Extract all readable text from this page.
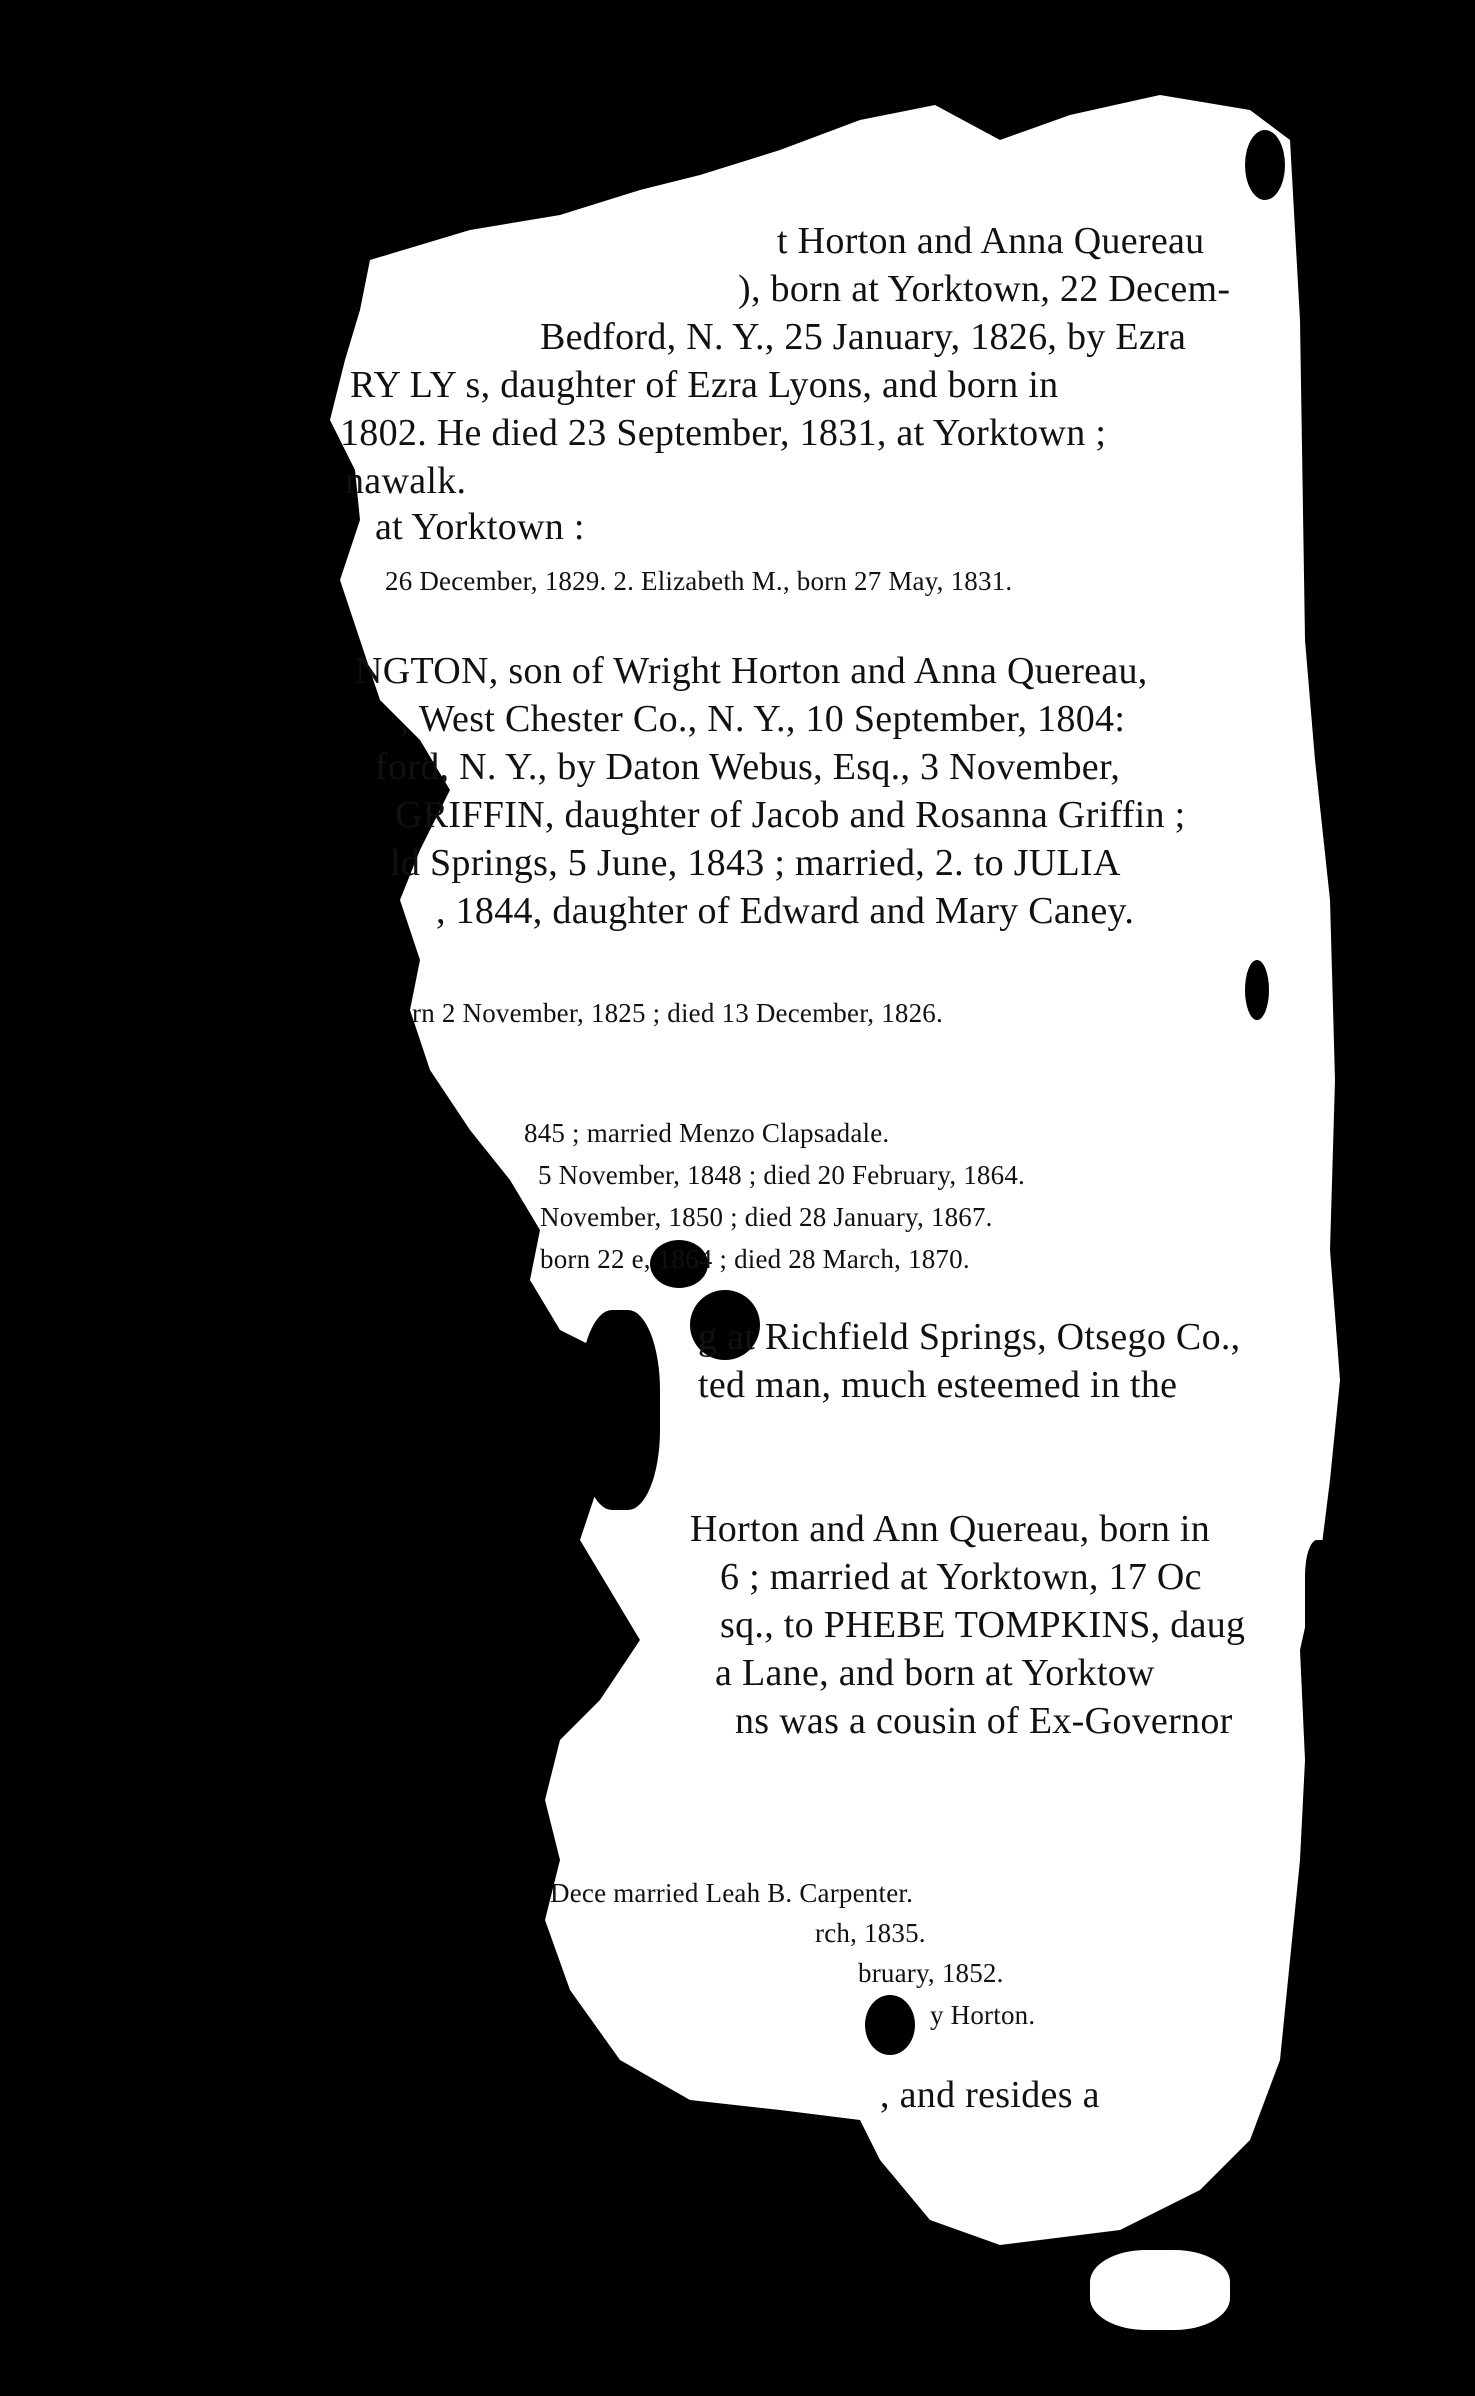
t Horton and Anna Quereau
), born at Yorktown, 22 Decem-
Bedford, N. Y., 25 January, 1826, by Ezra
RY LY s, daughter of Ezra Lyons, and born in
1802. He died 23 September, 1831, at Yorktown ;
nawalk.
at Yorktown :
26 December, 1829. 2. Elizabeth M., born 27 May, 1831.
NGTON, son of Wright Horton and Anna Quereau,
, West Chester Co., N. Y., 10 September, 1804:
ford, N. Y., by Daton Webus, Esq., 3 November,
GRIFFIN, daughter of Jacob and Rosanna Griffin ;
ld Springs, 5 June, 1843 ; married, 2. to JULIA
, 1844, daughter of Edward and Mary Caney.
rn 2 November, 1825 ; died 13 December, 1826.
845 ; married Menzo Clapsadale.
5 November, 1848 ; died 20 February, 1864.
November, 1850 ; died 28 January, 1867.
born 22 e, 1864 ; died 28 March, 1870.
g at Richfield Springs, Otsego Co.,
ted man, much esteemed in the
Horton and Ann Quereau, born in
6 ; married at Yorktown, 17 Oc
sq., to PHEBE TOMPKINS, daug
a Lane, and born at Yorktow
ns was a cousin of Ex-Governor
Dece married Leah B. Carpenter.
rch, 1835.
bruary, 1852.
y Horton.
, and resides a
